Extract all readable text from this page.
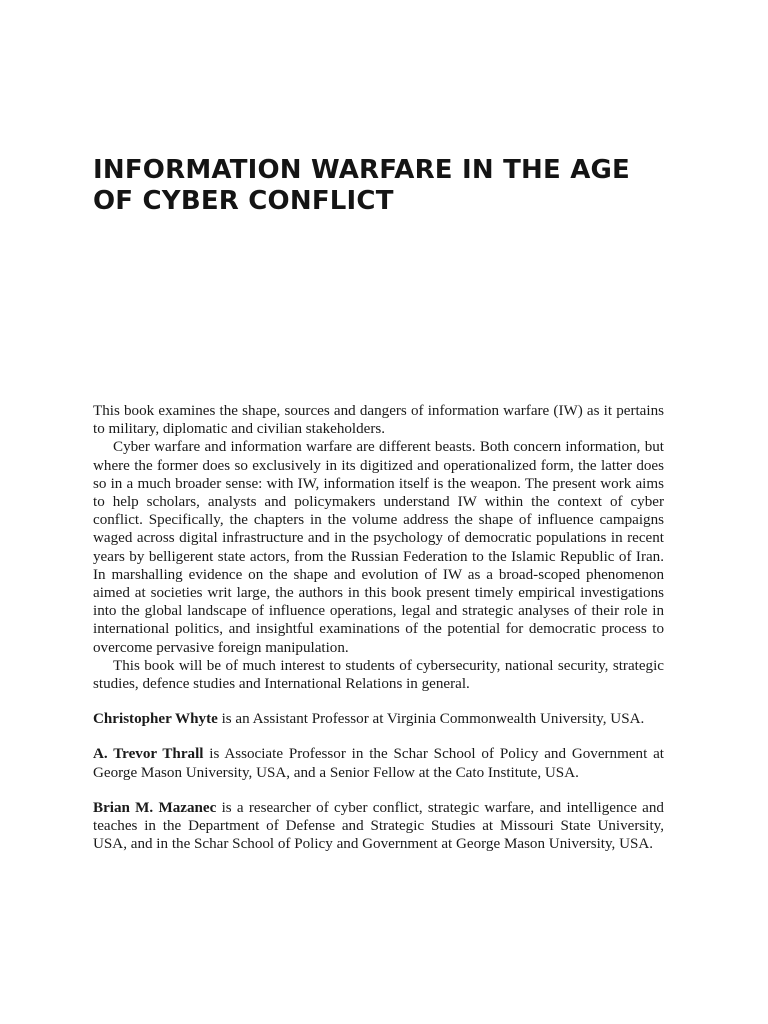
INFORMATION WARFARE IN THE AGE
OF CYBER CONFLICT

This book examines the shape, sources and dangers of information warfare (IW) as it pertains to military, diplomatic and civilian stakeholders.

Cyber warfare and information warfare are different beasts. Both concern information, but where the former does so exclusively in its digitized and operationalized form, the latter does so in a much broader sense: with IW, information itself is the weapon. The present work aims to help scholars, analysts and policymakers understand IW within the context of cyber conflict. Specifically, the chapters in the volume address the shape of influence campaigns waged across digital infrastructure and in the psychology of democratic populations in recent years by belligerent state actors, from the Russian Federation to the Islamic Republic of Iran. In marshalling evidence on the shape and evolution of IW as a broad-scoped phenomenon aimed at societies writ large, the authors in this book present timely empirical investigations into the global landscape of influence operations, legal and strategic analyses of their role in international politics, and insightful examinations of the potential for democratic process to overcome pervasive foreign manipulation.

This book will be of much interest to students of cybersecurity, national security, strategic studies, defence studies and International Relations in general.

Christopher Whyte is an Assistant Professor at Virginia Commonwealth University, USA.

A. Trevor Thrall is Associate Professor in the Schar School of Policy and Government at George Mason University, USA, and a Senior Fellow at the Cato Institute, USA.

Brian M. Mazanec is a researcher of cyber conflict, strategic warfare, and intelligence and teaches in the Department of Defense and Strategic Studies at Missouri State University, USA, and in the Schar School of Policy and Government at George Mason University, USA.
